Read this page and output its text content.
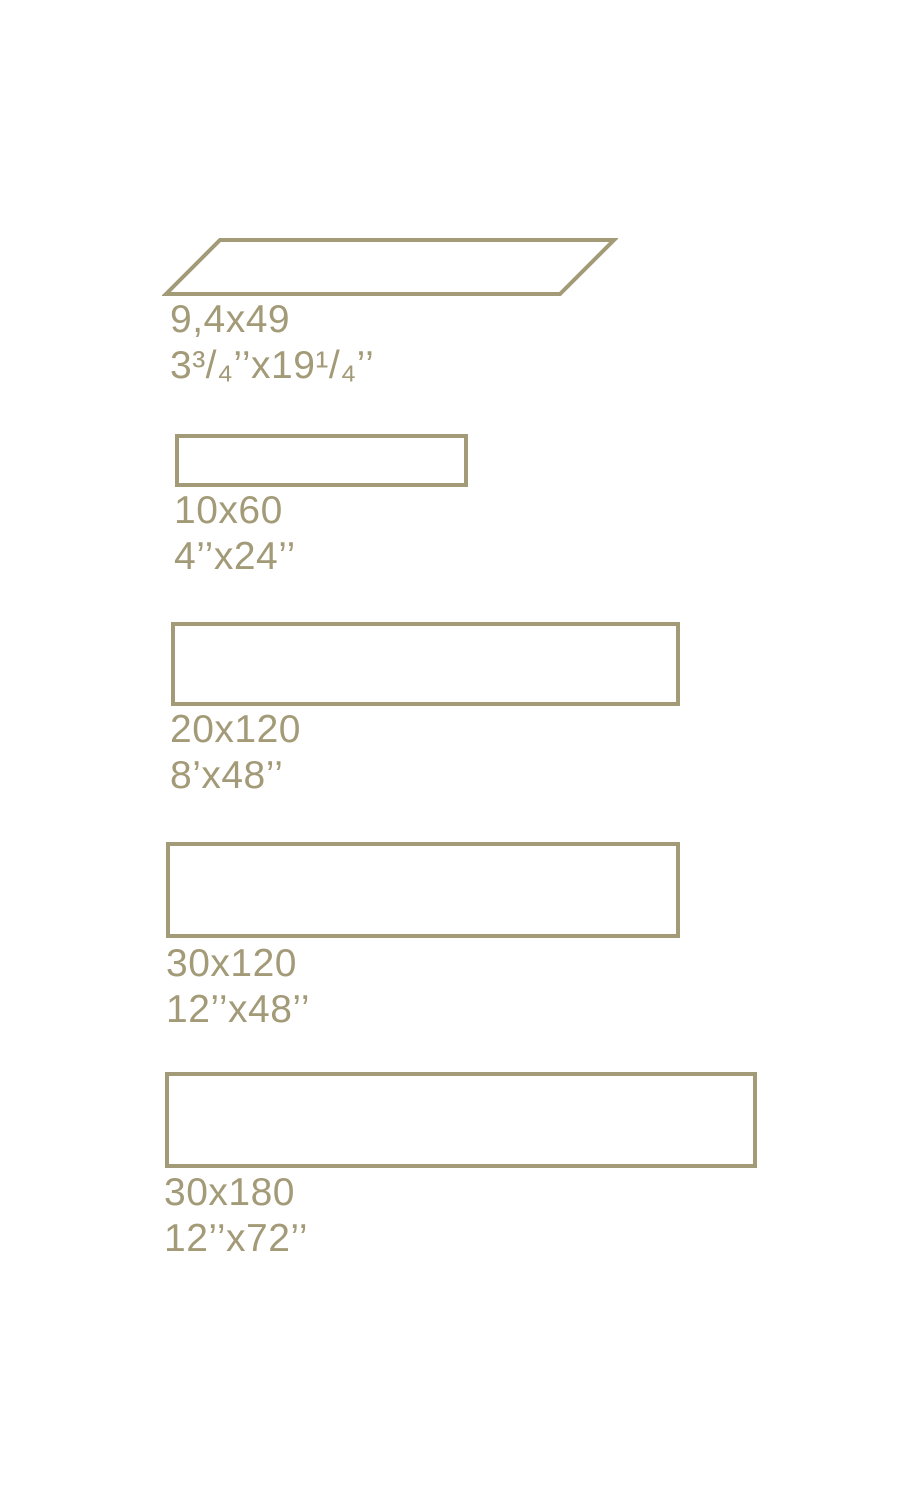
9,4x49
3³/₄’’x19¹/₄’’
10x60
4’’x24’’
20x120
8’x48’’
30x120
12’’x48’’
30x180
12’’x72’’
